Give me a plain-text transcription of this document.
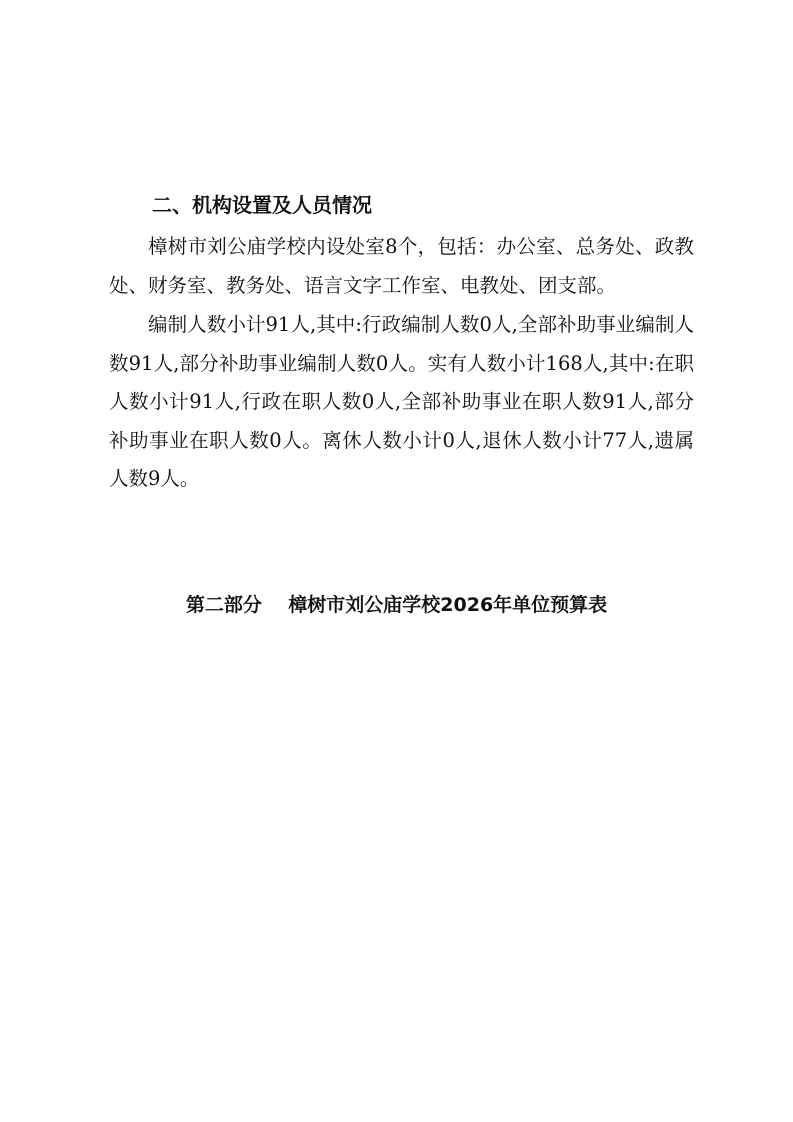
二、机构设置及人员情况

樟树市刘公庙学校内设处室8个，包括：办公室、总务处、政教处、财务室、教务处、语言文字工作室、电教处、团支部。

编制人数小计91人,其中:行政编制人数0人,全部补助事业编制人数91人,部分补助事业编制人数0人。实有人数小计168人,其中:在职人数小计91人,行政在职人数0人,全部补助事业在职人数91人,部分补助事业在职人数0人。离休人数小计0人,退休人数小计77人,遗属人数9人。

第二部分    樟树市刘公庙学校2026年单位预算表
